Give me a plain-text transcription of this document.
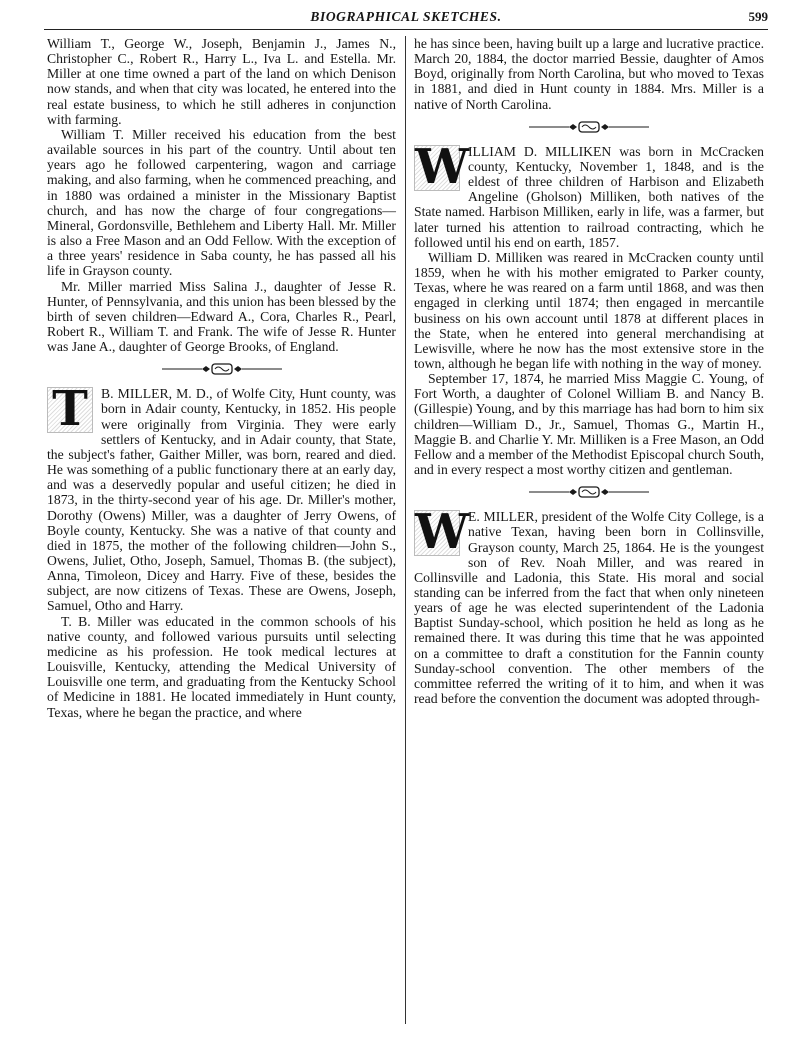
BIOGRAPHICAL SKETCHES.	599

William T., George W., Joseph, Benjamin J., James N., Christopher C., Robert R., Harry L., Iva L. and Estella. Mr. Miller at one time owned a part of the land on which Denison now stands, and when that city was located, he entered into the real estate business, to which he still adheres in conjunction with farming.

William T. Miller received his education from the best available sources in his part of the country. Until about ten years ago he followed carpentering, wagon and carriage making, and also farming, when he commenced preaching, and in 1880 was ordained a minister in the Missionary Baptist church, and has now the charge of four congregations—Mineral, Gordonsville, Bethlehem and Liberty Hall. Mr. Miller is also a Free Mason and an Odd Fellow. With the exception of a three years' residence in Saba county, he has passed all his life in Grayson county.

Mr. Miller married Miss Salina J., daughter of Jesse R. Hunter, of Pennsylvania, and this union has been blessed by the birth of seven children—Edward A., Cora, Charles R., Pearl, Robert R., William T. and Frank. The wife of Jesse R. Hunter was Jane A., daughter of George Brooks, of England.

T B. MILLER, M. D., of Wolfe City, Hunt county, was born in Adair county, Kentucky, in 1852. His people were originally from Virginia. They were early settlers of Kentucky, and in Adair county, that State, the subject's father, Gaither Miller, was born, reared and died. He was something of a public functionary there at an early day, and was a deservedly popular and useful citizen; he died in 1873, in the thirty-second year of his age. Dr. Miller's mother, Dorothy (Owens) Miller, was a daughter of Jerry Owens, of Boyle county, Kentucky. She was a native of that county and died in 1875, the mother of the following children—John S., Owens, Juliet, Otho, Joseph, Samuel, Thomas B. (the subject), Anna, Timoleon, Dicey and Harry. Five of these, besides the subject, are now citizens of Texas. These are Owens, Joseph, Samuel, Otho and Harry.

T. B. Miller was educated in the common schools of his native county, and followed various pursuits until selecting medicine as his profession. He took medical lectures at Louisville, Kentucky, attending the Medical University of Louisville one term, and graduating from the Kentucky School of Medicine in 1881. He located immediately in Hunt county, Texas, where he began the practice, and where

he has since been, having built up a large and lucrative practice. March 20, 1884, the doctor married Bessie, daughter of Amos Boyd, originally from North Carolina, but who moved to Texas in 1881, and died in Hunt county in 1884. Mrs. Miller is a native of North Carolina.

W ILLIAM D. MILLIKEN was born in McCracken county, Kentucky, November 1, 1848, and is the eldest of three children of Harbison and Elizabeth Angeline (Gholson) Milliken, both natives of the State named. Harbison Milliken, early in life, was a farmer, but later turned his attention to railroad contracting, which he followed until his end on earth, 1857.

William D. Milliken was reared in McCracken county until 1859, when he with his mother emigrated to Parker county, Texas, where he was reared on a farm until 1868, and was then engaged in clerking until 1874; then engaged in mercantile business on his own account until 1878 at different places in the State, when he entered into general merchandising at Lewisville, where he now has the most extensive store in the town, although he began life with nothing in the way of money.

September 17, 1874, he married Miss Maggie C. Young, of Fort Worth, a daughter of Colonel William B. and Nancy B. (Gillespie) Young, and by this marriage has had born to him six children—William D., Jr., Samuel, Thomas G., Martin H., Maggie B. and Charlie Y. Mr. Milliken is a Free Mason, an Odd Fellow and a member of the Methodist Episcopal church South, and in every respect a most worthy citizen and gentleman.

W E. MILLER, president of the Wolfe City College, is a native Texan, having been born in Collinsville, Grayson county, March 25, 1864. He is the youngest son of Rev. Noah Miller, and was reared in Collinsville and Ladonia, this State. His moral and social standing can be inferred from the fact that when only nineteen years of age he was elected superintendent of the Ladonia Baptist Sunday-school, which position he held as long as he remained there. It was during this time that he was appointed on a committee to draft a constitution for the Fannin county Sunday-school convention. The other members of the committee referred the writing of it to him, and when it was read before the convention the document was adopted through-
